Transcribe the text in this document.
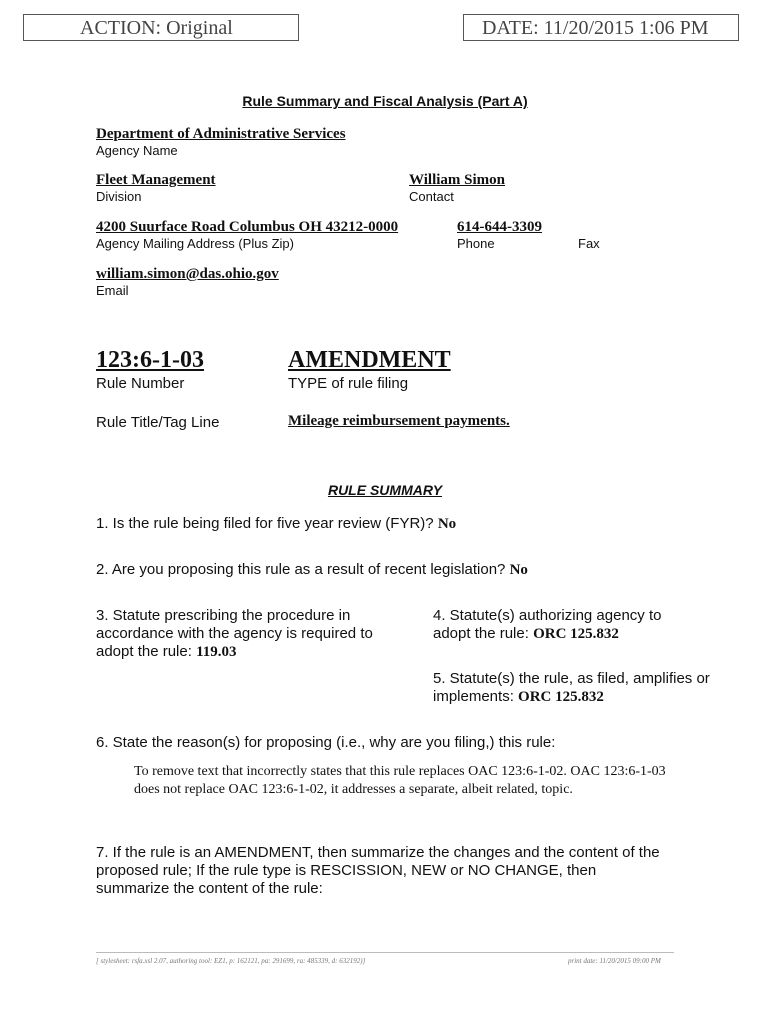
ACTION: Original	DATE: 11/20/2015 1:06 PM
Rule Summary and Fiscal Analysis (Part A)
Department of Administrative Services
Agency Name
Fleet Management
Division
William Simon
Contact
4200 Suurface Road Columbus OH 43212-0000
Agency Mailing Address (Plus Zip)
614-644-3309
Phone	Fax
william.simon@das.ohio.gov
Email
123:6-1-03
Rule Number
AMENDMENT
TYPE of rule filing
Rule Title/Tag Line	Mileage reimbursement payments.
RULE SUMMARY
1. Is the rule being filed for five year review (FYR)? No
2. Are you proposing this rule as a result of recent legislation? No
3. Statute prescribing the procedure in accordance with the agency is required to adopt the rule: 119.03
4. Statute(s) authorizing agency to adopt the rule: ORC 125.832
5. Statute(s) the rule, as filed, amplifies or implements: ORC 125.832
6. State the reason(s) for proposing (i.e., why are you filing,) this rule:
To remove text that incorrectly states that this rule replaces OAC 123:6-1-02. OAC 123:6-1-03 does not replace OAC 123:6-1-02, it addresses a separate, albeit related, topic.
7. If the rule is an AMENDMENT, then summarize the changes and the content of the proposed rule; If the rule type is RESCISSION, NEW or NO CHANGE, then summarize the content of the rule:
[ stylesheet: rsfa.xsl 2.07, authoring tool: EZ1, p: 162121, pa: 291699, ra: 485339, d: 632192)]	print date: 11/20/2015 09:00 PM
